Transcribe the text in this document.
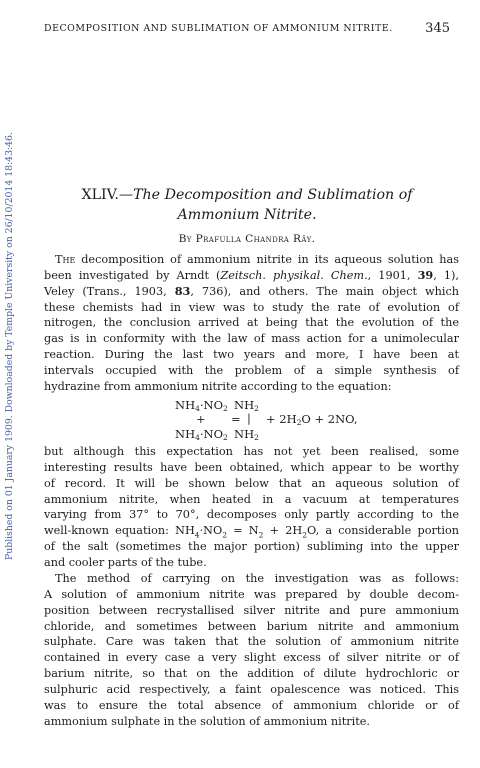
DECOMPOSITION AND SUBLIMATION OF AMMONIUM NITRITE. 345
Published on 01 January 1909. Downloaded by Temple University on 26/10/2014 18:43:46.	XLIV.—The Decomposition and Sublimation of
Ammonium Nitrite.
By Prafulla Chandra Rây.
The decomposition of ammonium nitrite in its aqueous solution has
been investigated by Arndt (Zeitsch. physikal. Chem., 1901, 39, 1),
Veley (Trans., 1903, 83, 736), and others. The main object which
these chemists had in view was to study the rate of evolution of
nitrogen, the conclusion arrived at being that the evolution of the
gas is in conformity with the law of mass action for a unimolecular
reaction. During the last two years and more, I have been at
intervals occupied with the problem of a simple synthesis of
hydrazine from ammonium nitrite according to the equation:
$NH_4\cdot NO_2$ $NH_2$
+ = | + $2H_2O + 2NO$,
$NH_4\cdot NO_2$ $NH_2$
but although this expectation has not yet been realised, some
interesting results have been obtained, which appear to be worthy
of record. It will be shown below that an aqueous solution of
ammonium nitrite, when heated in a vacuum at temperatures
varying from 37° to 70°, decomposes only partly according to the
well-known equation: $NH_4\cdot NO_2 = N_2 + 2H_2O$, a considerable portion
of the salt (sometimes the major portion) subliming into the upper
and cooler parts of the tube.
The method of carrying on the investigation was as follows:
A solution of ammonium nitrite was prepared by double decom-
position between recrystallised silver nitrite and pure ammonium
chloride, and sometimes between barium nitrite and ammonium
sulphate. Care was taken that the solution of ammonium nitrite
contained in every case a very slight excess of silver nitrite or of
barium nitrite, so that on the addition of dilute hydrochloric or
sulphuric acid respectively, a faint opalescence was noticed. This
was to ensure the total absence of ammonium chloride or of
ammonium sulphate in the solution of ammonium nitrite.
